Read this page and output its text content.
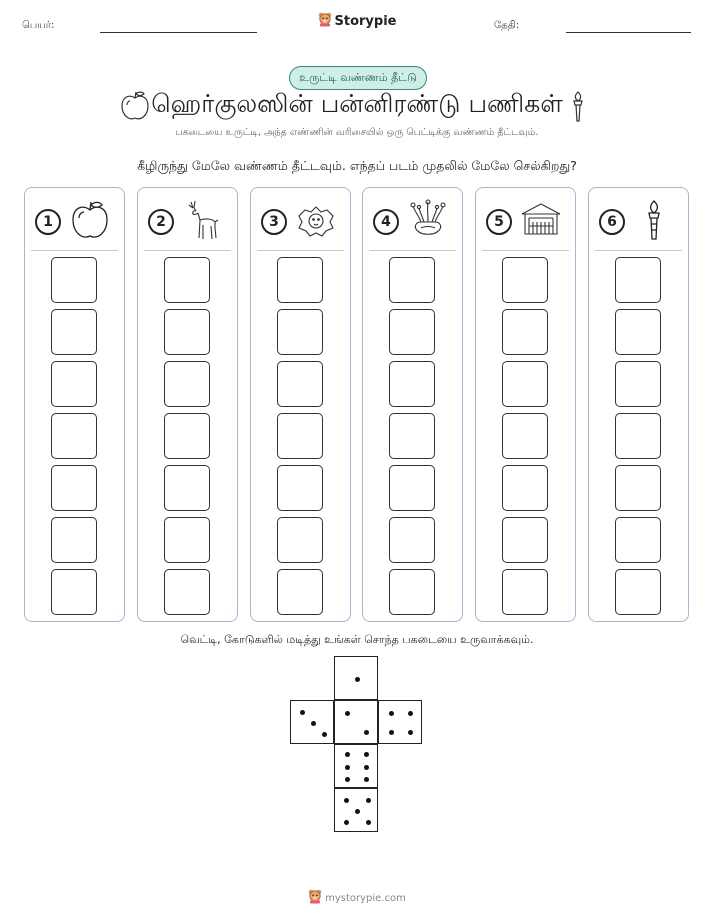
பெயர்:	Storypie	தேதி:
உருட்டி வண்ணம் தீட்டு
ஹெர்குலஸின் பன்னிரண்டு பணிகள்
பகடையை உருட்டி, அந்த எண்ணின் வரிசையில் ஒரு பெட்டிக்கு வண்ணம் தீட்டவும்.
கீழிருந்து மேலே வண்ணம் தீட்டவும். எந்தப் படம் முதலில் மேலே செல்கிறது?
1	2	3	4	5	6
வெட்டி, கோடுகளில் மடித்து உங்கள் சொந்த பகடையை உருவாக்கவும்.
mystorypie.com
